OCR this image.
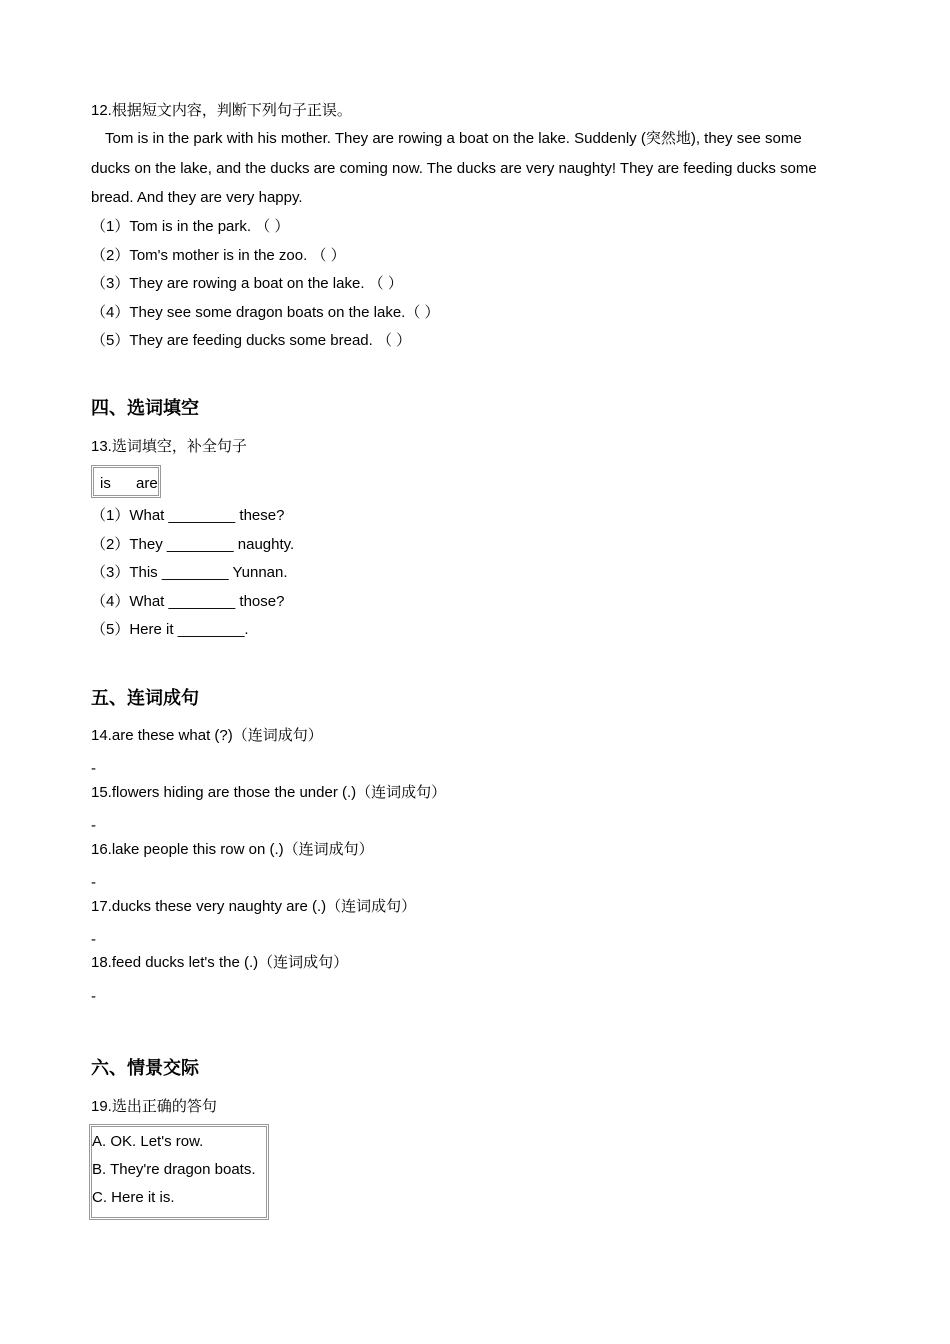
12.根据短文内容，判断下列句子正误。
Tom is in the park with his mother. They are rowing a boat on the lake. Suddenly (突然地), they see some ducks on the lake, and the ducks are coming now. The ducks are very naughty! They are feeding ducks some bread. And they are very happy.
（1）Tom is in the park. （ ）
（2）Tom's mother is in the zoo. （ ）
（3）They are rowing a boat on the lake. （ ）
（4）They see some dragon boats on the lake.（ ）
（5）They are feeding ducks some bread. （ ）
四、选词填空
13.选词填空，补全句子
is are
（1）What ________ these?
（2）They ________ naughty.
（3）This ________ Yunnan.
（4）What ________ those?
（5）Here it ________.
五、连词成句
14.are these what (?)（连词成句）
-
15.flowers hiding are those the under (.)（连词成句）
-
16.lake people this row on (.)（连词成句）
-
17.ducks these very naughty are (.)（连词成句）
-
18.feed ducks let's the (.)（连词成句）
-
六、情景交际
19.选出正确的答句
A. OK. Let's row.
B. They're dragon boats.
C. Here it is.
